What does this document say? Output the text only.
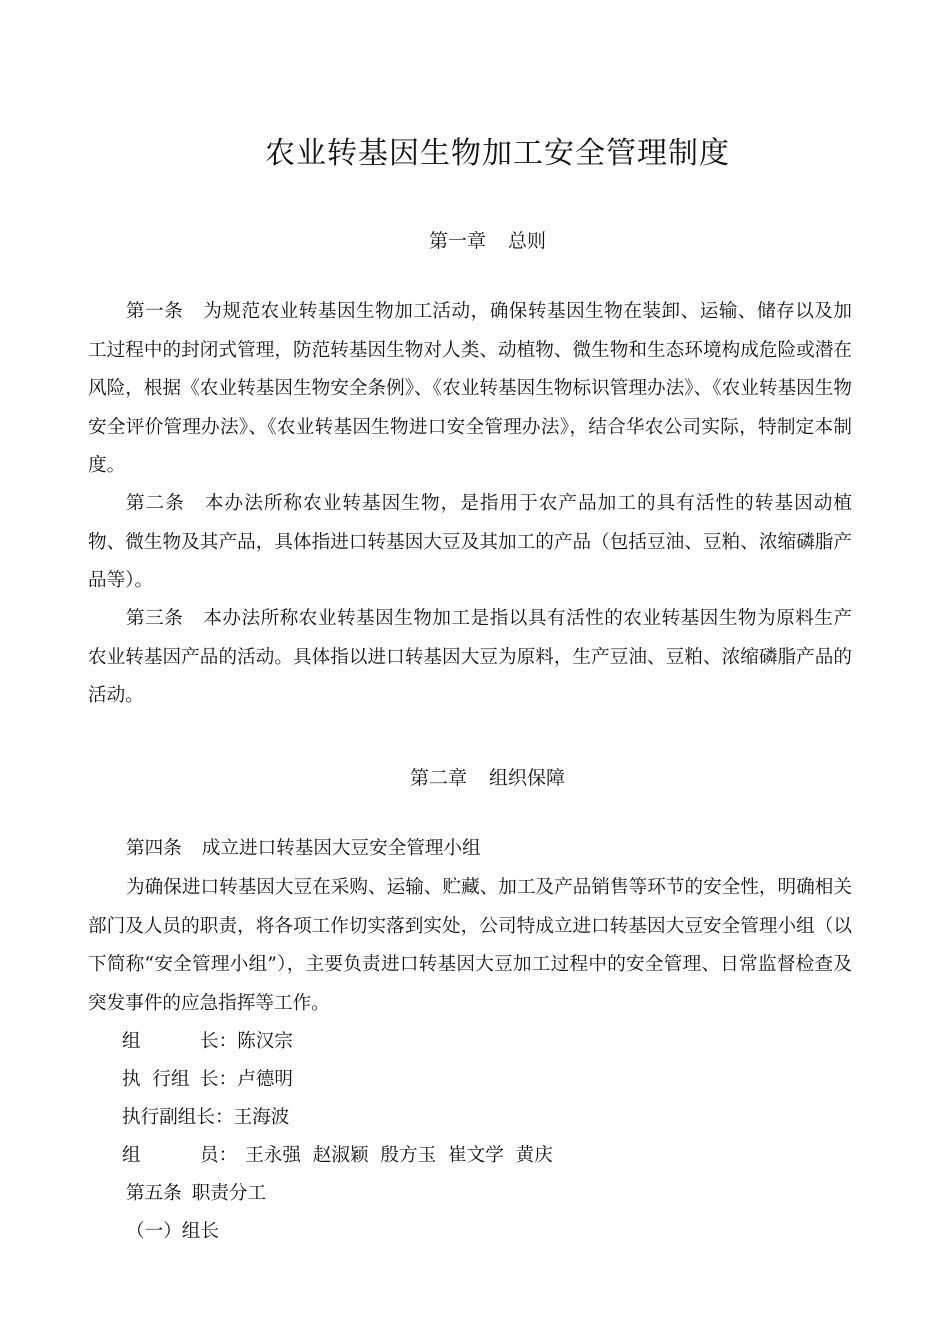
农业转基因生物加工安全管理制度
第一章 总则

第一条 为规范农业转基因生物加工活动，确保转基因生物在装卸、运输、储存以及加工过程中的封闭式管理，防范转基因生物对人类、动植物、微生物和生态环境构成危险或潜在风险，根据《农业转基因生物安全条例》、《农业转基因生物标识管理办法》、《农业转基因生物安全评价管理办法》、《农业转基因生物进口安全管理办法》，结合华农公司实际，特制定本制度。

第二条 本办法所称农业转基因生物，是指用于农产品加工的具有活性的转基因动植物、微生物及其产品，具体指进口转基因大豆及其加工的产品（包括豆油、豆粕、浓缩磷脂产品等）。

第三条 本办法所称农业转基因生物加工是指以具有活性的农业转基因生物为原料生产农业转基因产品的活动。具体指以进口转基因大豆为原料，生产豆油、豆粕、浓缩磷脂产品的活动。

第二章 组织保障
第四条 成立进口转基因大豆安全管理小组

为确保进口转基因大豆在采购、运输、贮藏、加工及产品销售等环节的安全性，明确相关部门及人员的职责，将各项工作切实落到实处，公司特成立进口转基因大豆安全管理小组（以下简称“安全管理小组”），主要负责进口转基因大豆加工过程中的安全管理、日常监督检查及突发事件的应急指挥等工作。

组	长：陈汉宗
执  行组 长：卢德明
执行副组长：王海波
组	员： 王永强  赵淑颖  殷方玉  崔文学  黄庆
第五条 职责分工
（一）组长
